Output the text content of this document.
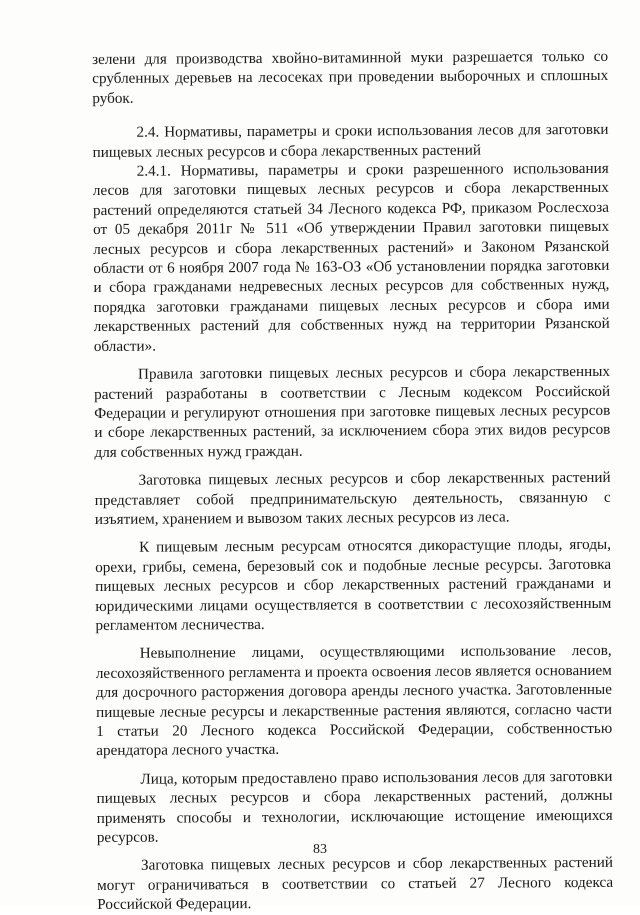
зелени для производства хвойно-витаминной муки разрешается только со срубленных деревьев на лесосеках при проведении выборочных и сплошных рубок.

2.4. Нормативы, параметры и сроки использования лесов для заготовки пищевых лесных ресурсов и сбора лекарственных растений

2.4.1. Нормативы, параметры и сроки разрешенного использования лесов для заготовки пищевых лесных ресурсов и сбора лекарственных растений определяются статьей 34 Лесного кодекса РФ, приказом Рослесхоза от 05 декабря 2011г № 511 «Об утверждении Правил заготовки пищевых лесных ресурсов и сбора лекарственных растений» и Законом Рязанской области от 6 ноября 2007 года № 163-ОЗ «Об установлении порядка заготовки и сбора гражданами недревесных лесных ресурсов для собственных нужд, порядка заготовки гражданами пищевых лесных ресурсов и сбора ими лекарственных растений для собственных нужд на территории Рязанской области».

Правила заготовки пищевых лесных ресурсов и сбора лекарственных растений разработаны в соответствии с Лесным кодексом Российской Федерации и регулируют отношения при заготовке пищевых лесных ресурсов и сборе лекарственных растений, за исключением сбора этих видов ресурсов для собственных нужд граждан.

Заготовка пищевых лесных ресурсов и сбор лекарственных растений представляет собой предпринимательскую деятельность, связанную с изъятием, хранением и вывозом таких лесных ресурсов из леса.

К пищевым лесным ресурсам относятся дикорастущие плоды, ягоды, орехи, грибы, семена, березовый сок и подобные лесные ресурсы. Заготовка пищевых лесных ресурсов и сбор лекарственных растений гражданами и юридическими лицами осуществляется в соответствии с лесохозяйственным регламентом лесничества.

Невыполнение лицами, осуществляющими использование лесов, лесохозяйственного регламента и проекта освоения лесов является основанием для досрочного расторжения договора аренды лесного участка. Заготовленные пищевые лесные ресурсы и лекарственные растения являются, согласно части 1 статьи 20 Лесного кодекса Российской Федерации, собственностью арендатора лесного участка.

Лица, которым предоставлено право использования лесов для заготовки пищевых лесных ресурсов и сбора лекарственных растений, должны применять способы и технологии, исключающие истощение имеющихся ресурсов.

Заготовка пищевых лесных ресурсов и сбор лекарственных растений могут ограничиваться в соответствии со статьей 27 Лесного кодекса Российской Федерации.

83
